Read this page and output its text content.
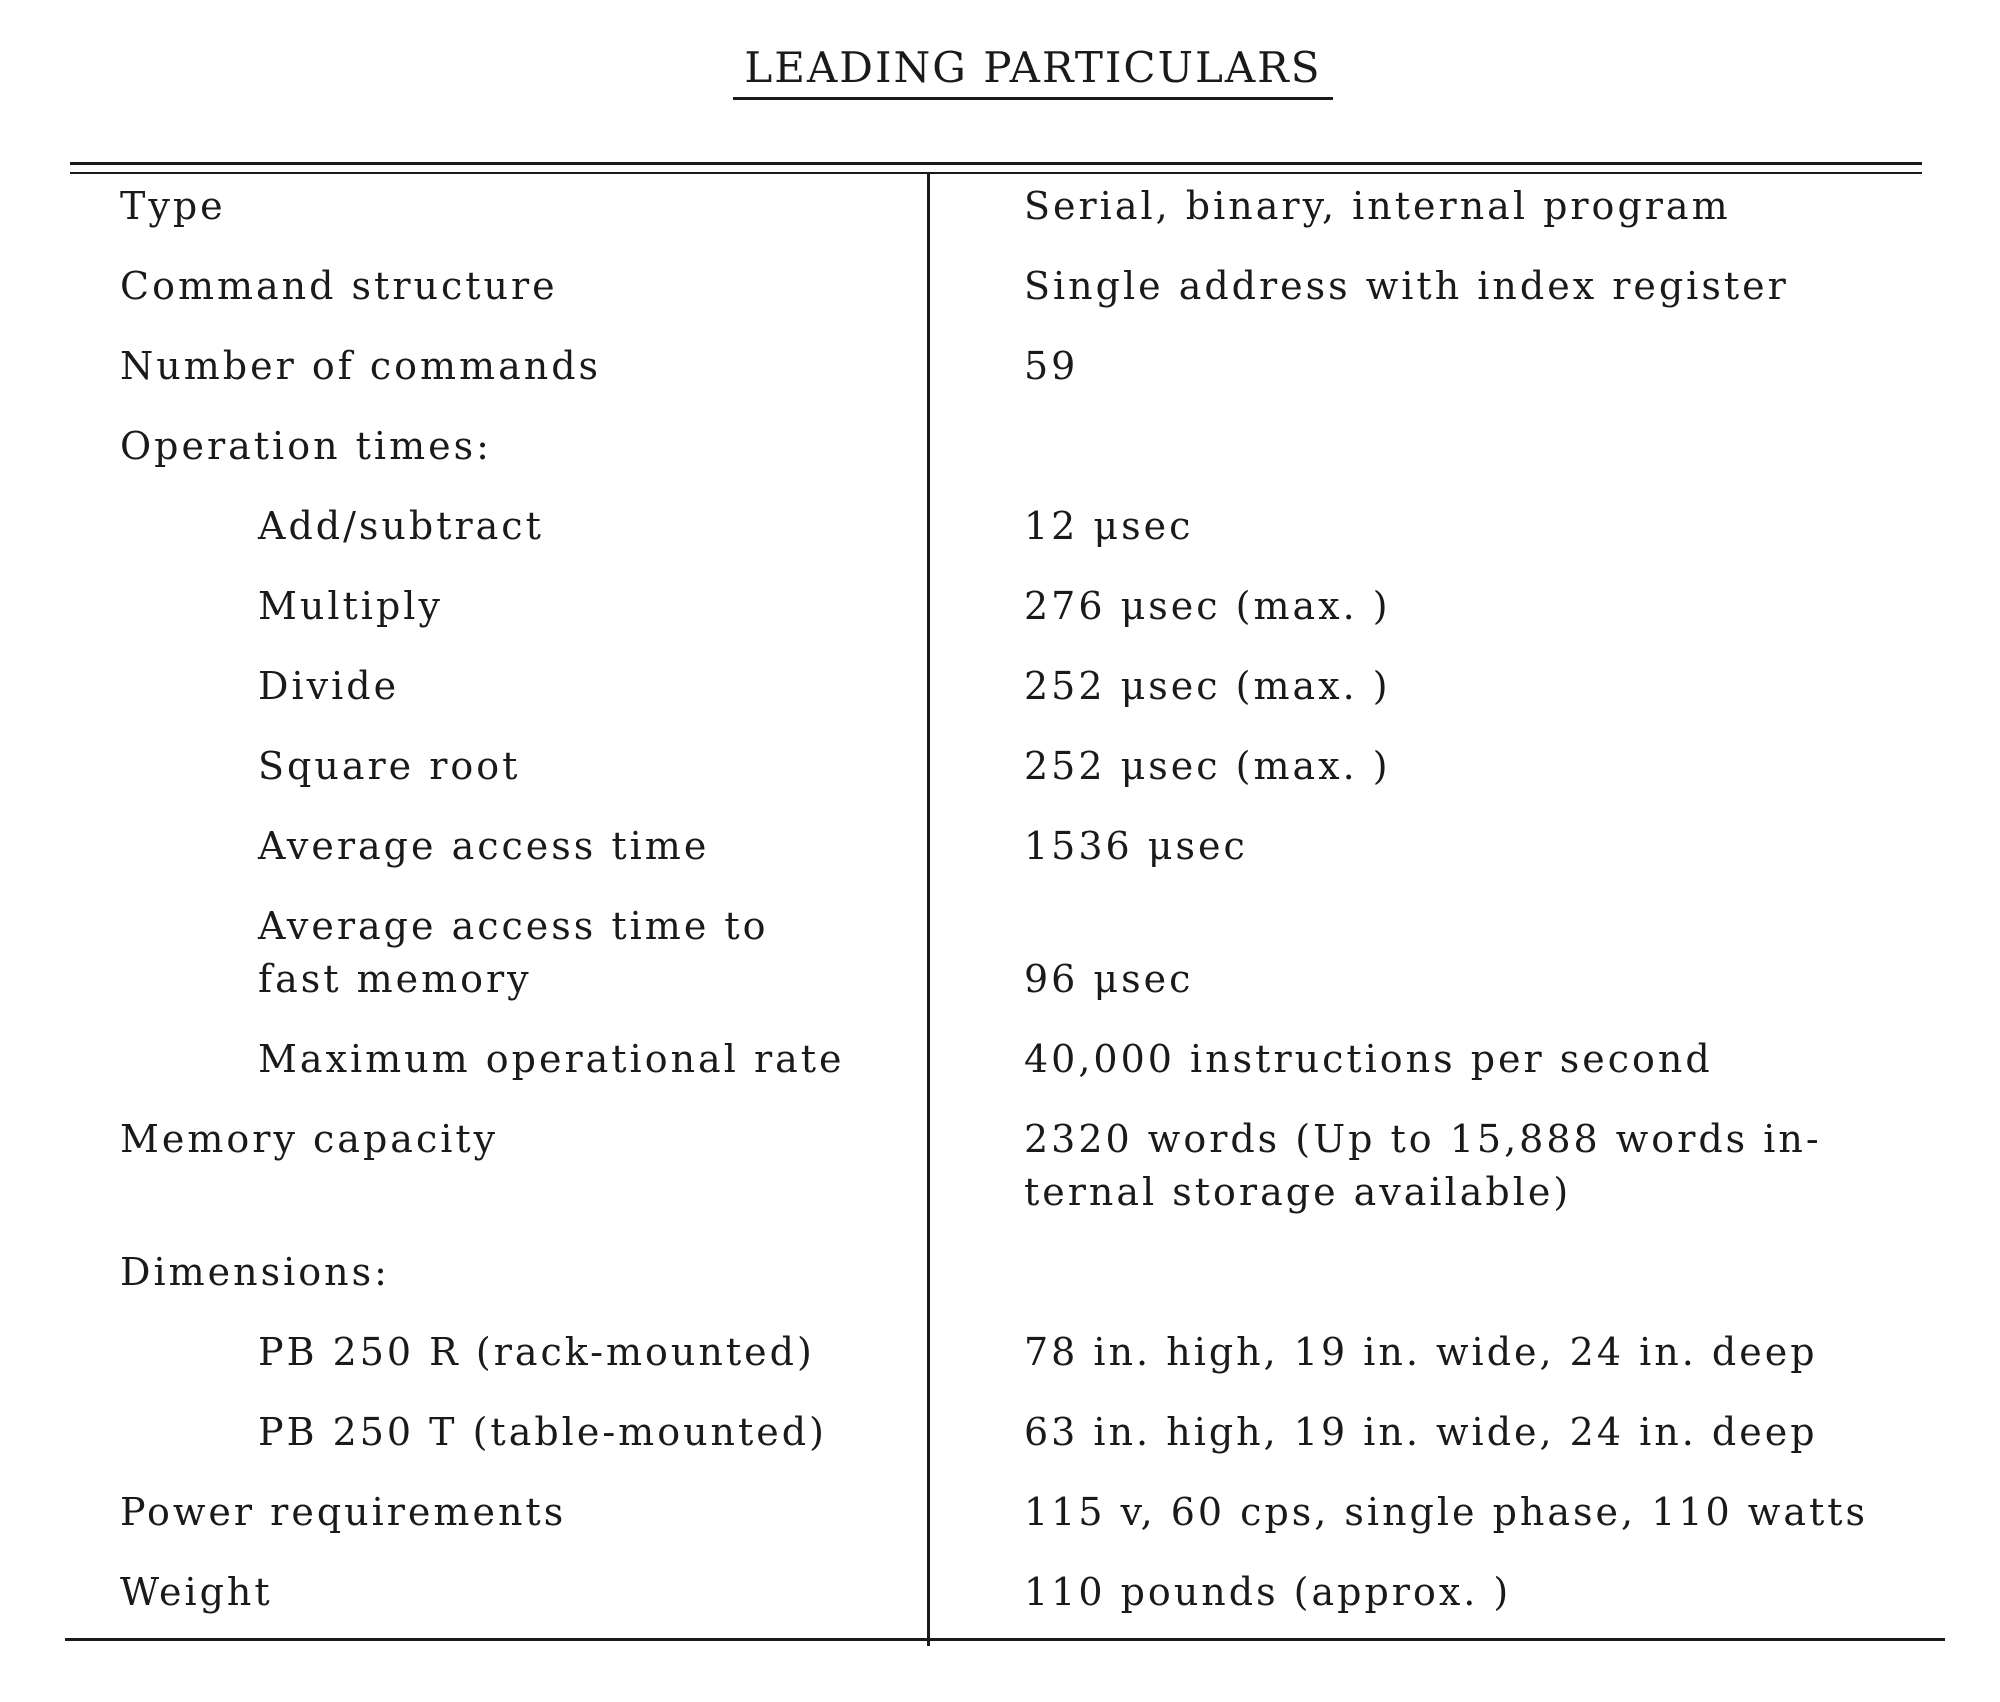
LEADING PARTICULARS
Type	Serial, binary, internal program
Command structure	Single address with index register
Number of commands	59
Operation times:
Add/subtract	12 μsec
Multiply	276 μsec (max. )
Divide	252 μsec (max. )
Square root	252 μsec (max. )
Average access time	1536 μsec
Average access time to
fast memory	96 μsec
Maximum operational rate	40,000 instructions per second
Memory capacity	2320 words (Up to 15,888 words in-
ternal storage available)
Dimensions:
PB 250 R (rack-mounted)	78 in. high, 19 in. wide, 24 in. deep
PB 250 T (table-mounted)	63 in. high, 19 in. wide, 24 in. deep
Power requirements	115 v, 60 cps, single phase, 110 watts
Weight	110 pounds (approx. )
